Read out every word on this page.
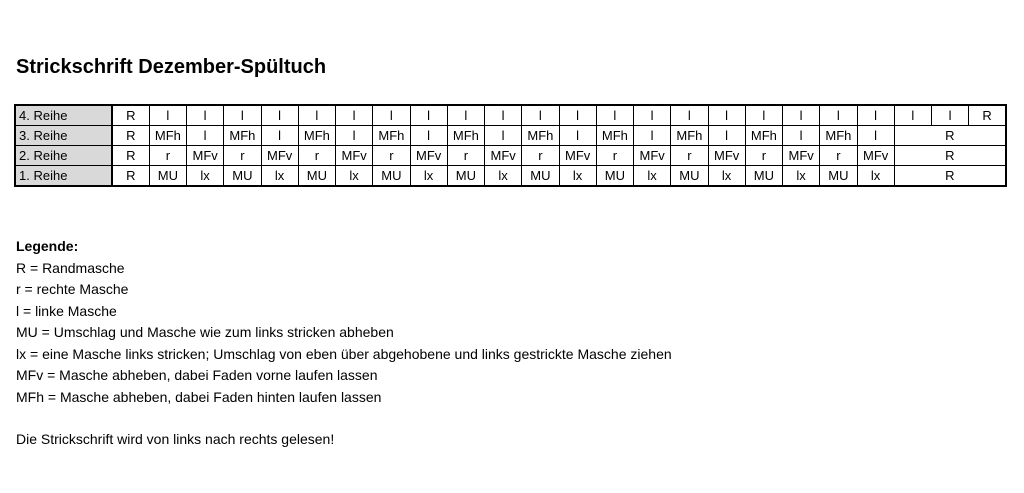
Strickschrift Dezember-Spültuch
4. Reihe	R	l	l	l	l	l	l	l	l	l	l	l	l	l	l	l	l	l	l	l	l	l	l	R
3. Reihe	R	MFh	l	MFh	l	MFh	l	MFh	l	MFh	l	MFh	l	MFh	l	MFh	l	MFh	l	MFh	l	R		
2. Reihe	R	r	MFv	r	MFv	r	MFv	r	MFv	r	MFv	r	MFv	r	MFv	r	MFv	r	MFv	r	MFv	R		
1. Reihe	R	MU	lx	MU	lx	MU	lx	MU	lx	MU	lx	MU	lx	MU	lx	MU	lx	MU	lx	MU	lx	R		
Legende:
R = Randmasche
r = rechte Masche
l = linke Masche
MU = Umschlag und Masche wie zum links stricken abheben
lx = eine Masche links stricken; Umschlag von eben über abgehobene und links gestrickte Masche ziehen
MFv = Masche abheben, dabei Faden vorne laufen lassen
MFh = Masche abheben, dabei Faden hinten laufen lassen
Die Strickschrift wird von links nach rechts gelesen!
